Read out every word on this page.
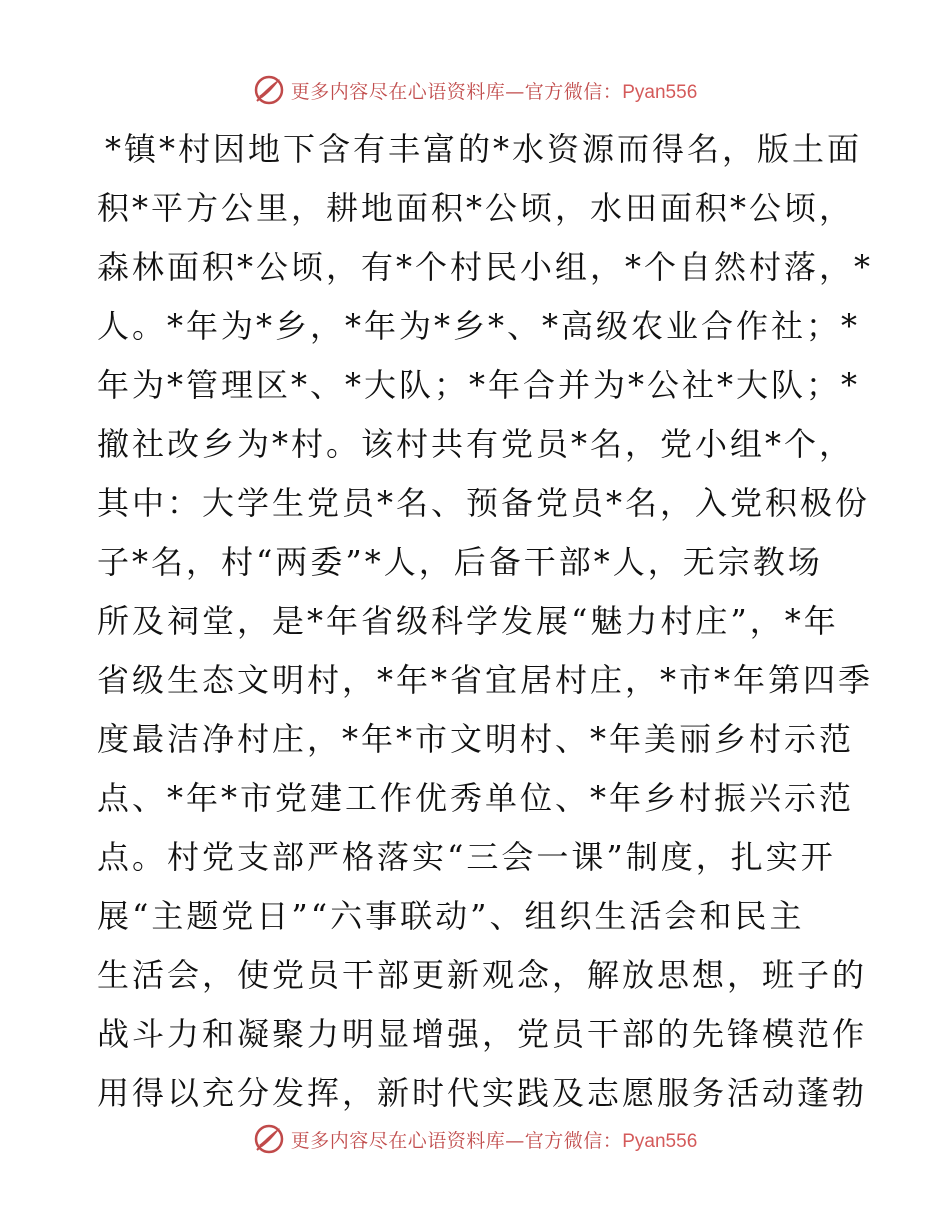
更多内容尽在心语资料库—官方微信：Pyan556
*镇*村因地下含有丰富的*水资源而得名，版土面
积*平方公里，耕地面积*公顷，水田面积*公顷，
森林面积*公顷，有*个村民小组，*个自然村落，*
人。*年为*乡，*年为*乡*、*高级农业合作社；*
年为*管理区*、*大队；*年合并为*公社*大队；*
撤社改乡为*村。该村共有党员*名，党小组*个，
其中：大学生党员*名、预备党员*名，入党积极份
子*名，村“两委”*人，后备干部*人，无宗教场
所及祠堂，是*年省级科学发展“魅力村庄”，*年
省级生态文明村，*年*省宜居村庄，*市*年第四季
度最洁净村庄，*年*市文明村、*年美丽乡村示范
点、*年*市党建工作优秀单位、*年乡村振兴示范
点。村党支部严格落实“三会一课”制度，扎实开
展“主题党日”“六事联动”、组织生活会和民主
生活会，使党员干部更新观念，解放思想，班子的
战斗力和凝聚力明显增强，党员干部的先锋模范作
用得以充分发挥，新时代实践及志愿服务活动蓬勃
更多内容尽在心语资料库—官方微信：Pyan556
